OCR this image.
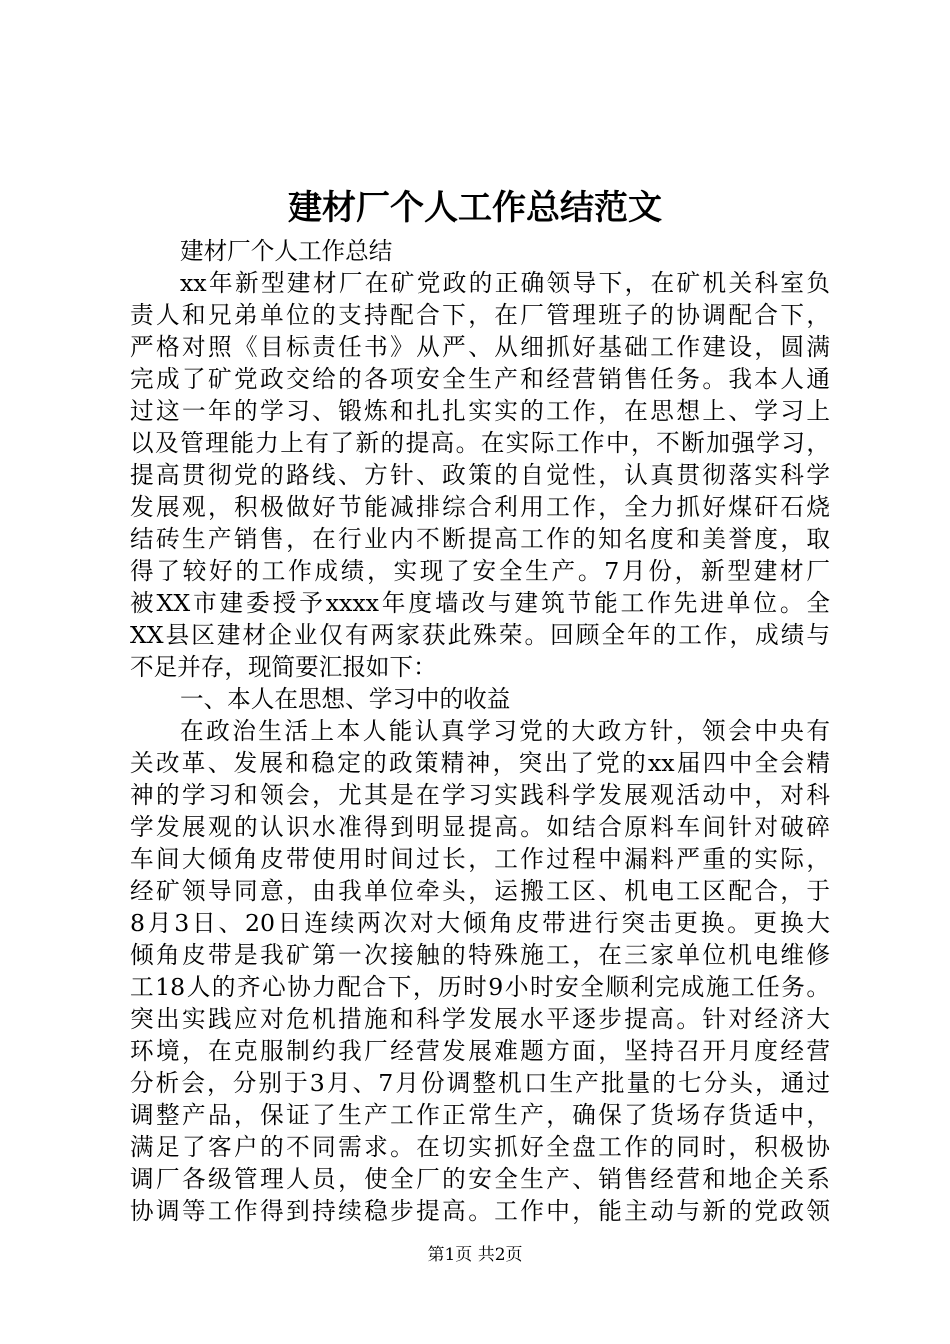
建材厂个人工作总结范文
建材厂个人工作总结
xx年新型建材厂在矿党政的正确领导下，在矿机关科室负
责人和兄弟单位的支持配合下，在厂管理班子的协调配合下，
严格对照《目标责任书》从严、从细抓好基础工作建设，圆满
完成了矿党政交给的各项安全生产和经营销售任务。我本人通
过这一年的学习、锻炼和扎扎实实的工作，在思想上、学习上
以及管理能力上有了新的提高。在实际工作中，不断加强学习，
提高贯彻党的路线、方针、政策的自觉性，认真贯彻落实科学
发展观，积极做好节能减排综合利用工作，全力抓好煤矸石烧
结砖生产销售，在行业内不断提高工作的知名度和美誉度，取
得了较好的工作成绩，实现了安全生产。7月份，新型建材厂
被XX市建委授予xxxx年度墙改与建筑节能工作先进单位。全
XX县区建材企业仅有两家获此殊荣。回顾全年的工作，成绩与
不足并存，现简要汇报如下：
一、本人在思想、学习中的收益
在政治生活上本人能认真学习党的大政方针，领会中央有
关改革、发展和稳定的政策精神，突出了党的xx届四中全会精
神的学习和领会，尤其是在学习实践科学发展观活动中，对科
学发展观的认识水准得到明显提高。如结合原料车间针对破碎
车间大倾角皮带使用时间过长，工作过程中漏料严重的实际，
经矿领导同意，由我单位牵头，运搬工区、机电工区配合，于
8月3日、20日连续两次对大倾角皮带进行突击更换。更换大
倾角皮带是我矿第一次接触的特殊施工，在三家单位机电维修
工18人的齐心协力配合下，历时9小时安全顺利完成施工任务。
突出实践应对危机措施和科学发展水平逐步提高。针对经济大
环境，在克服制约我厂经营发展难题方面，坚持召开月度经营
分析会，分别于3月、7月份调整机口生产批量的七分头，通过
调整产品，保证了生产工作正常生产，确保了货场存货适中，
满足了客户的不同需求。在切实抓好全盘工作的同时，积极协
调厂各级管理人员，使全厂的安全生产、销售经营和地企关系
协调等工作得到持续稳步提高。工作中，能主动与新的党政领
第1页 共2页
